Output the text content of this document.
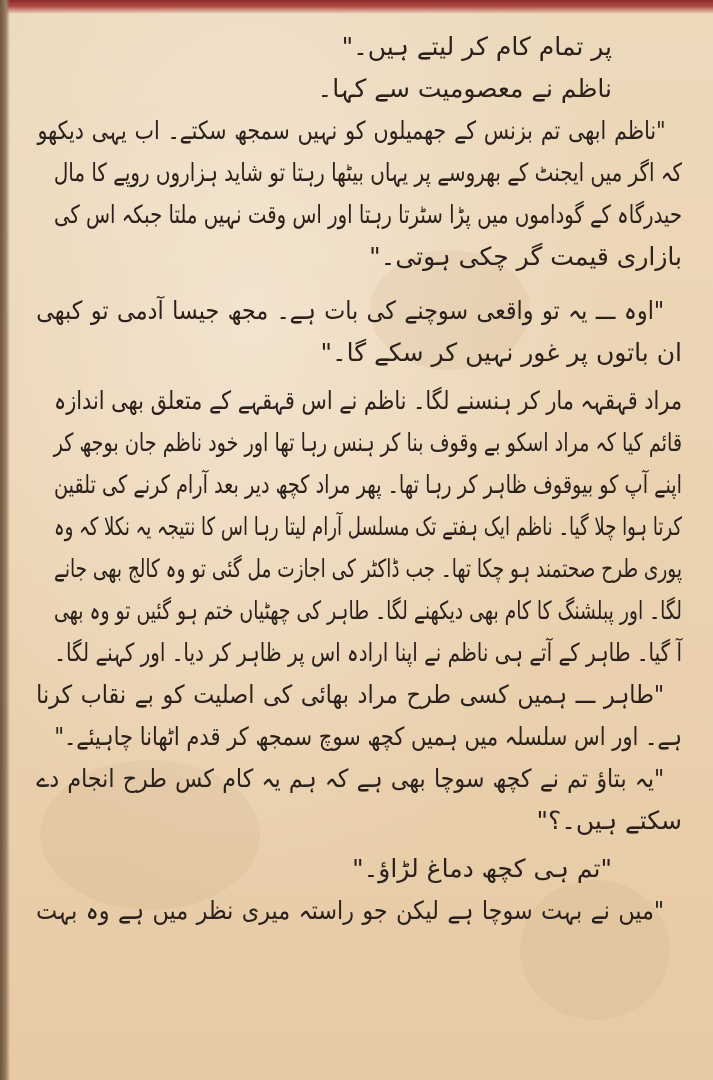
پر تمام کام کر لیتے ہیں۔"
ناظم نے معصومیت سے کہا۔
"ناظم ابھی تم بزنس کے جھمیلوں کو نہیں سمجھ سکتے۔ اب یہی دیکھو
کہ اگر میں ایجنٹ کے بھروسے پر یہاں بیٹھا رہتا تو شاید ہزاروں روپے کا مال
حیدرگاہ کے گوداموں میں پڑا سٹرتا رہتا اور اس وقت نہیں ملتا جبکہ اس کی
بازاری قیمت گر چکی ہوتی۔"
"اوہ ـــ یہ تو واقعی سوچنے کی بات ہے۔ مجھ جیسا آدمی تو کبھی
ان باتوں پر غور نہیں کر سکے گا۔"
مراد قہقہہ مار کر ہنسنے لگا۔ ناظم نے اس قہقہے کے متعلق بھی اندازہ
قائم کیا کہ مراد اسکو بے وقوف بنا کر ہنس رہا تھا اور خود ناظم جان بوجھ کر
اپنے آپ کو بیوقوف ظاہر کر رہا تھا۔ پھر مراد کچھ دیر بعد آرام کرنے کی تلقین
کرتا ہوا چلا گیا۔ ناظم ایک ہفتے تک مسلسل آرام لیتا رہا اس کا نتیجہ یہ نکلا کہ وہ
پوری طرح صحتمند ہو چکا تھا۔ جب ڈاکٹر کی اجازت مل گئی تو وہ کالج بھی جانے
لگا۔ اور پبلشنگ کا کام بھی دیکھنے لگا۔ طاہر کی چھٹیاں ختم ہو گئیں تو وہ بھی
آ گیا۔ طاہر کے آتے ہی ناظم نے اپنا ارادہ اس پر ظاہر کر دیا۔ اور کہنے لگا۔
"طاہر ـــ ہمیں کسی طرح مراد بھائی کی اصلیت کو بے نقاب کرنا
ہے۔ اور اس سلسلہ میں ہمیں کچھ سوچ سمجھ کر قدم اٹھانا چاہیئے۔"
"یہ بتاؤ تم نے کچھ سوچا بھی ہے کہ ہم یہ کام کس طرح انجام دے
سکتے ہیں۔؟"
"تم ہی کچھ دماغ لڑاؤ۔"
"میں نے بہت سوچا ہے لیکن جو راستہ میری نظر میں ہے وہ بہت
